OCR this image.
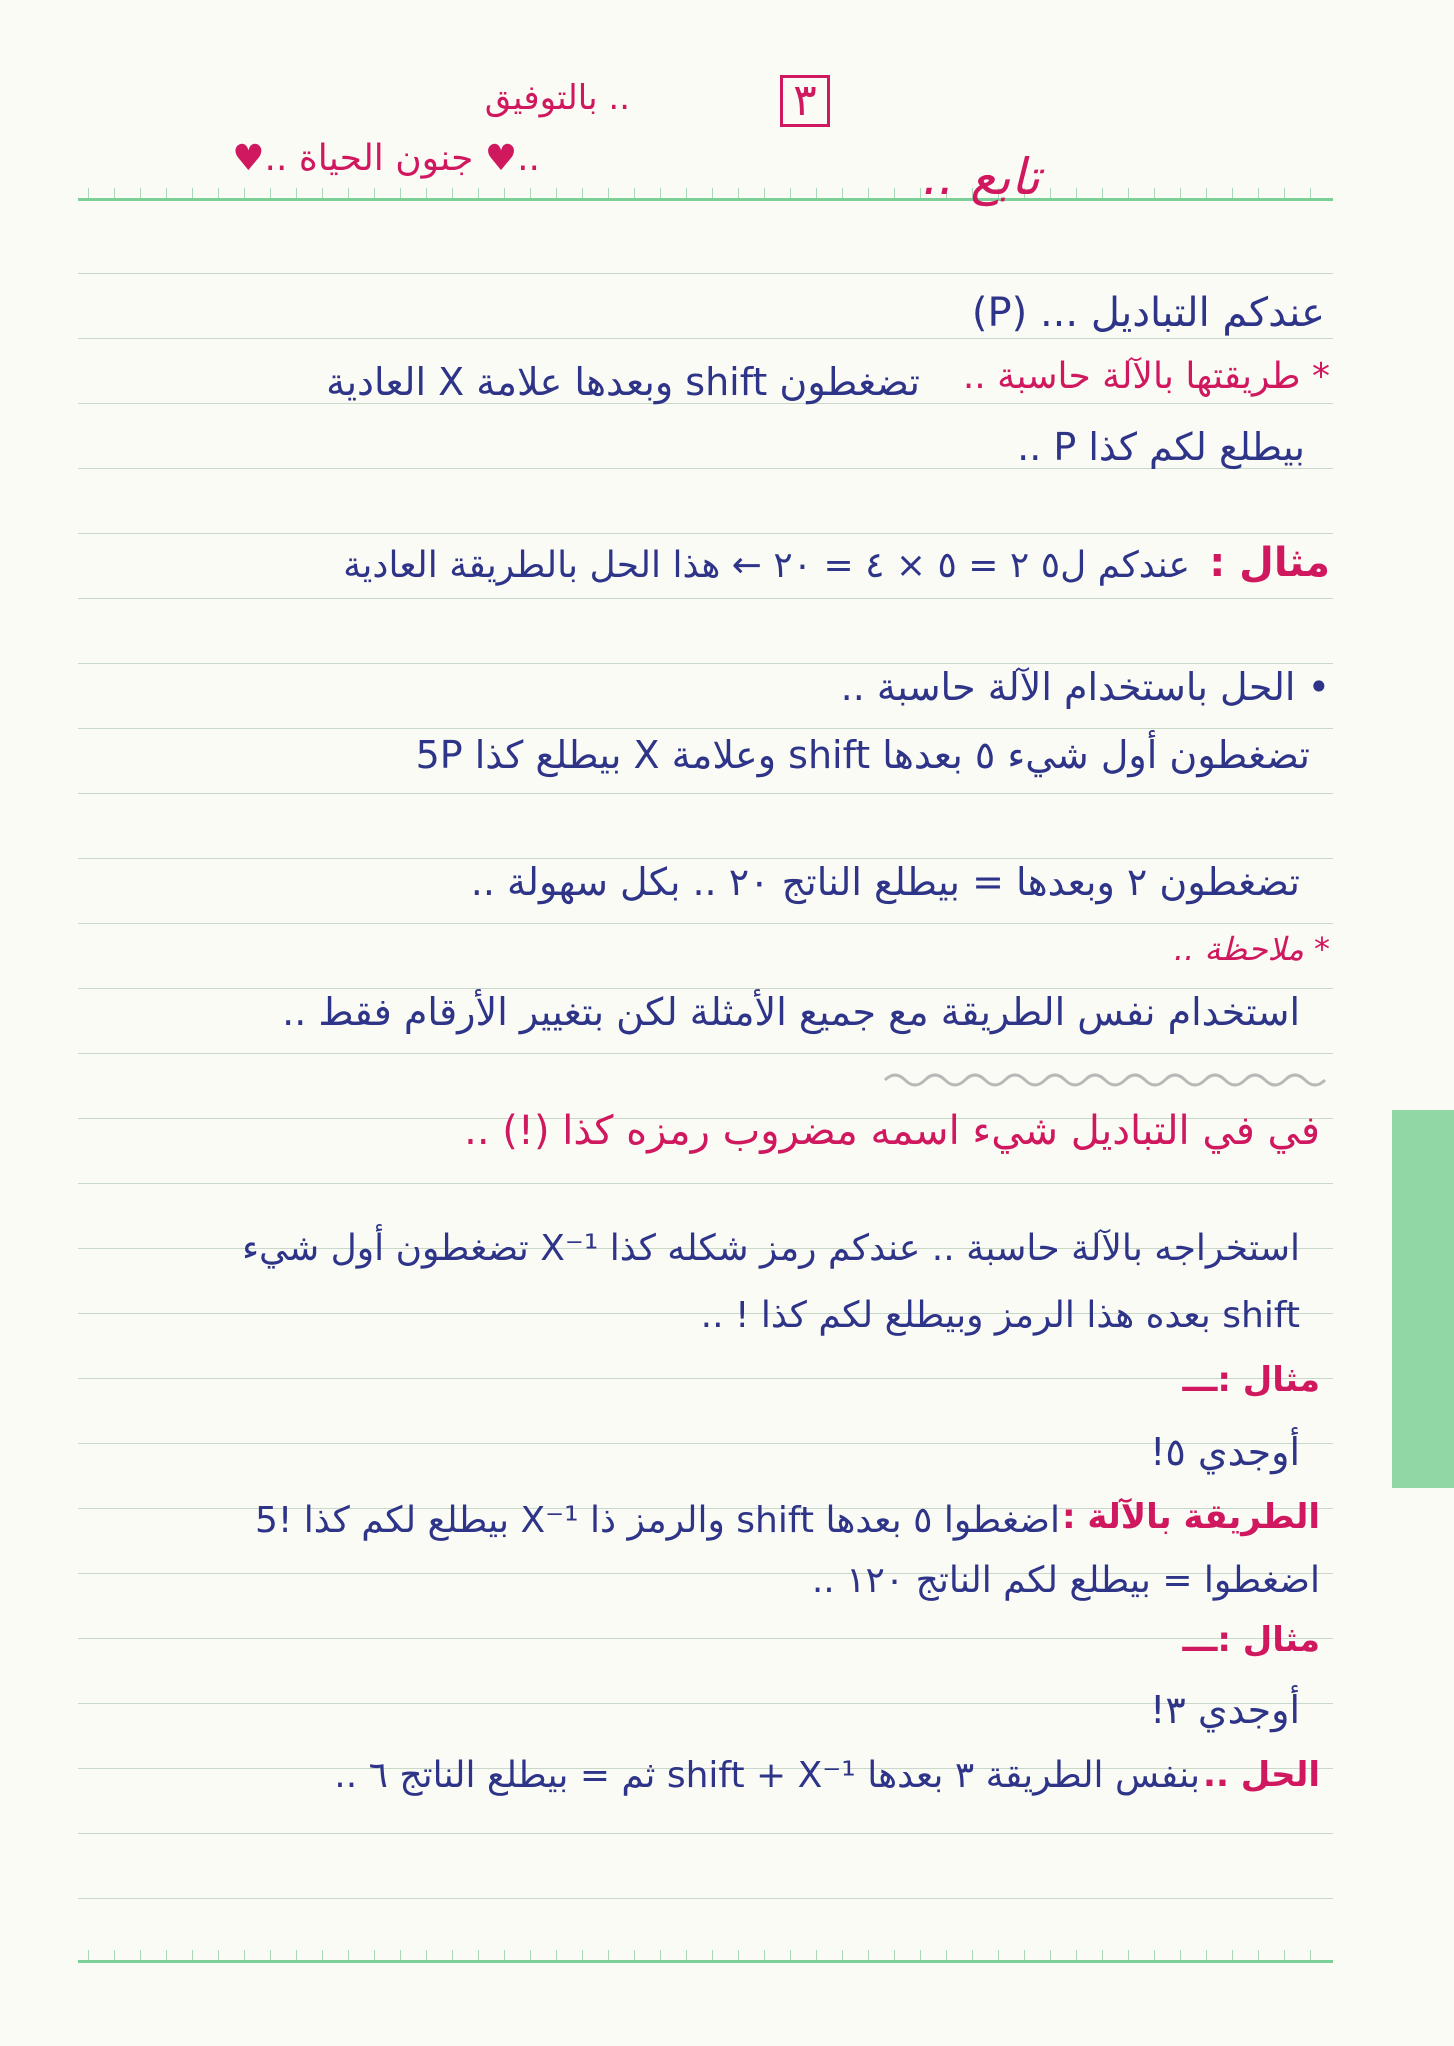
٣
.. بالتوفيق
..♥ جنون الحياة ..♥	تابع ..
عندكم التباديل ... (P)
* طريقتها بالآلة حاسبة ..
تضغطون shift وبعدها علامة X العادية
بيطلع لكم كذا P ..
مثال :
عندكم ل٥ ٢ = ٥ × ٤ = ٢٠ ← هذا الحل بالطريقة العادية
• الحل باستخدام الآلة حاسبة ..
تضغطون أول شيء ٥ بعدها shift وعلامة X بيطلع كذا 5P
تضغطون ٢ وبعدها = بيطلع الناتج ٢٠ .. بكل سهولة ..
* ملاحظة ..
استخدام نفس الطريقة مع جميع الأمثلة لكن بتغيير الأرقام فقط ..
في في التباديل شيء اسمه مضروب رمزه كذا (!) ..
استخراجه بالآلة حاسبة .. عندكم رمز شكله كذا X⁻¹ تضغطون أول شيء
shift بعده هذا الرمز وبيطلع لكم كذا ! ..
مثال :ـــ
أوجدي ٥!
الطريقة بالآلة :
اضغطوا ٥ بعدها shift والرمز ذا X⁻¹ بيطلع لكم كذا !5
اضغطوا = بيطلع لكم الناتج ١٢٠ ..
مثال :ـــ
أوجدي ٣!
الحل ..
بنفس الطريقة ٣ بعدها shift + X⁻¹ ثم = بيطلع الناتج ٦ ..
